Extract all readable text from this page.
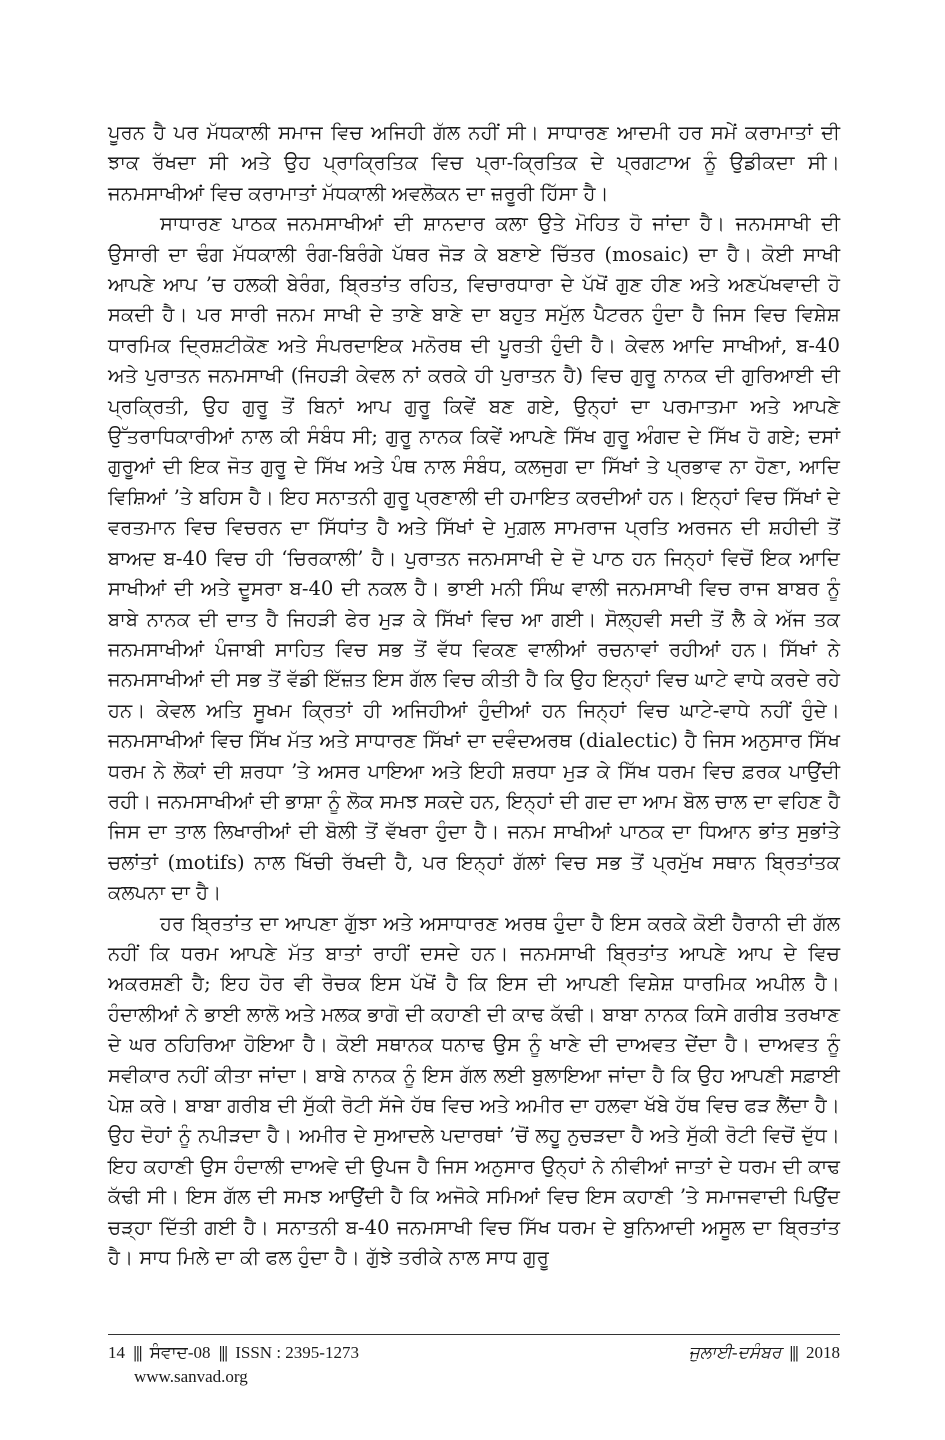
ਪੂਰਨ ਹੈ ਪਰ ਮੱਧਕਾਲੀ ਸਮਾਜ ਵਿਚ ਅਜਿਹੀ ਗੱਲ ਨਹੀਂ ਸੀ। ਸਾਧਾਰਣ ਆਦਮੀ ਹਰ ਸਮੇਂ ਕਰਾਮਾਤਾਂ ਦੀ ਝਾਕ ਰੱਖਦਾ ਸੀ ਅਤੇ ਉਹ ਪ੍ਰਾਕ੍ਰਿਤਿਕ ਵਿਚ ਪ੍ਰਾ-ਕ੍ਰਿਤਿਕ ਦੇ ਪ੍ਰਗਟਾਅ ਨੂੰ ਉਡੀਕਦਾ ਸੀ। ਜਨਮਸਾਖੀਆਂ ਵਿਚ ਕਰਾਮਾਤਾਂ ਮੱਧਕਾਲੀ ਅਵਲੋਕਨ ਦਾ ਜ਼ਰੂਰੀ ਹਿੱਸਾ ਹੈ।

ਸਾਧਾਰਣ ਪਾਠਕ ਜਨਮਸਾਖੀਆਂ ਦੀ ਸ਼ਾਨਦਾਰ ਕਲਾ ਉਤੇ ਮੋਹਿਤ ਹੋ ਜਾਂਦਾ ਹੈ। ਜਨਮਸਾਖੀ ਦੀ ਉਸਾਰੀ ਦਾ ਢੰਗ ਮੱਧਕਾਲੀ ਰੰਗ-ਬਿਰੰਗੇ ਪੱਥਰ ਜੋੜ ਕੇ ਬਣਾਏ ਚਿੱਤਰ (mosaic) ਦਾ ਹੈ। ਕੋਈ ਸਾਖੀ ਆਪਣੇ ਆਪ ’ਚ ਹਲਕੀ ਬੇਰੰਗ, ਬ੍ਰਿਤਾਂਤ ਰਹਿਤ, ਵਿਚਾਰਧਾਰਾ ਦੇ ਪੱਖੋਂ ਗੁਣ ਹੀਣ ਅਤੇ ਅਣਪੱਖਵਾਦੀ ਹੋ ਸਕਦੀ ਹੈ। ਪਰ ਸਾਰੀ ਜਨਮ ਸਾਖੀ ਦੇ ਤਾਣੇ ਬਾਣੇ ਦਾ ਬਹੁਤ ਸਮੁੱਲ ਪੈਟਰਨ ਹੁੰਦਾ ਹੈ ਜਿਸ ਵਿਚ ਵਿਸ਼ੇਸ਼ ਧਾਰਮਿਕ ਦ੍ਰਿਸ਼ਟੀਕੋਣ ਅਤੇ ਸੰਪਰਦਾਇਕ ਮਨੋਰਥ ਦੀ ਪੂਰਤੀ ਹੁੰਦੀ ਹੈ। ਕੇਵਲ ਆਦਿ ਸਾਖੀਆਂ, ਬ-40 ਅਤੇ ਪੁਰਾਤਨ ਜਨਮਸਾਖੀ (ਜਿਹੜੀ ਕੇਵਲ ਨਾਂ ਕਰਕੇ ਹੀ ਪੁਰਾਤਨ ਹੈ) ਵਿਚ ਗੁਰੂ ਨਾਨਕ ਦੀ ਗੁਰਿਆਈ ਦੀ ਪ੍ਰਕ੍ਰਿਤੀ, ਉਹ ਗੁਰੂ ਤੋਂ ਬਿਨਾਂ ਆਪ ਗੁਰੂ ਕਿਵੇਂ ਬਣ ਗਏ, ਉਨ੍ਹਾਂ ਦਾ ਪਰਮਾਤਮਾ ਅਤੇ ਆਪਣੇ ਉੱਤਰਾਧਿਕਾਰੀਆਂ ਨਾਲ ਕੀ ਸੰਬੰਧ ਸੀ; ਗੁਰੂ ਨਾਨਕ ਕਿਵੇਂ ਆਪਣੇ ਸਿੱਖ ਗੁਰੂ ਅੰਗਦ ਦੇ ਸਿੱਖ ਹੋ ਗਏ; ਦਸਾਂ ਗੁਰੂਆਂ ਦੀ ਇਕ ਜੋਤ ਗੁਰੂ ਦੇ ਸਿੱਖ ਅਤੇ ਪੰਥ ਨਾਲ ਸੰਬੰਧ, ਕਲਜੁਗ ਦਾ ਸਿੱਖਾਂ ਤੇ ਪ੍ਰਭਾਵ ਨਾ ਹੋਣਾ, ਆਦਿ ਵਿਸ਼ਿਆਂ ’ਤੇ ਬਹਿਸ ਹੈ। ਇਹ ਸਨਾਤਨੀ ਗੁਰੂ ਪ੍ਰਣਾਲੀ ਦੀ ਹਮਾਇਤ ਕਰਦੀਆਂ ਹਨ। ਇਨ੍ਹਾਂ ਵਿਚ ਸਿੱਖਾਂ ਦੇ ਵਰਤਮਾਨ ਵਿਚ ਵਿਚਰਨ ਦਾ ਸਿੱਧਾਂਤ ਹੈ ਅਤੇ ਸਿੱਖਾਂ ਦੇ ਮੁਗ਼ਲ ਸਾਮਰਾਜ ਪ੍ਰਤਿ ਅਰਜਨ ਦੀ ਸ਼ਹੀਦੀ ਤੋਂ ਬਾਅਦ ਬ-40 ਵਿਚ ਹੀ ‘ਚਿਰਕਾਲੀ’ ਹੈ। ਪੁਰਾਤਨ ਜਨਮਸਾਖੀ ਦੇ ਦੋ ਪਾਠ ਹਨ ਜਿਨ੍ਹਾਂ ਵਿਚੋਂ ਇਕ ਆਦਿ ਸਾਖੀਆਂ ਦੀ ਅਤੇ ਦੂਸਰਾ ਬ-40 ਦੀ ਨਕਲ ਹੈ। ਭਾਈ ਮਨੀ ਸਿੰਘ ਵਾਲੀ ਜਨਮਸਾਖੀ ਵਿਚ ਰਾਜ ਬਾਬਰ ਨੂੰ ਬਾਬੇ ਨਾਨਕ ਦੀ ਦਾਤ ਹੈ ਜਿਹੜੀ ਫੇਰ ਮੁੜ ਕੇ ਸਿੱਖਾਂ ਵਿਚ ਆ ਗਈ। ਸੋਲ੍ਹਵੀ ਸਦੀ ਤੋਂ ਲੈ ਕੇ ਅੱਜ ਤਕ ਜਨਮਸਾਖੀਆਂ ਪੰਜਾਬੀ ਸਾਹਿਤ ਵਿਚ ਸਭ ਤੋਂ ਵੱਧ ਵਿਕਣ ਵਾਲੀਆਂ ਰਚਨਾਵਾਂ ਰਹੀਆਂ ਹਨ। ਸਿੱਖਾਂ ਨੇ ਜਨਮਸਾਖੀਆਂ ਦੀ ਸਭ ਤੋਂ ਵੱਡੀ ਇੱਜ਼ਤ ਇਸ ਗੱਲ ਵਿਚ ਕੀਤੀ ਹੈ ਕਿ ਉਹ ਇਨ੍ਹਾਂ ਵਿਚ ਘਾਟੇ ਵਾਧੇ ਕਰਦੇ ਰਹੇ ਹਨ। ਕੇਵਲ ਅਤਿ ਸੂਖਮ ਕ੍ਰਿਤਾਂ ਹੀ ਅਜਿਹੀਆਂ ਹੁੰਦੀਆਂ ਹਨ ਜਿਨ੍ਹਾਂ ਵਿਚ ਘਾਟੇ-ਵਾਧੇ ਨਹੀਂ ਹੁੰਦੇ। ਜਨਮਸਾਖੀਆਂ ਵਿਚ ਸਿੱਖ ਮੱਤ ਅਤੇ ਸਾਧਾਰਣ ਸਿੱਖਾਂ ਦਾ ਦਵੰਦਅਰਥ (dialectic) ਹੈ ਜਿਸ ਅਨੁਸਾਰ ਸਿੱਖ ਧਰਮ ਨੇ ਲੋਕਾਂ ਦੀ ਸ਼ਰਧਾ ’ਤੇ ਅਸਰ ਪਾਇਆ ਅਤੇ ਇਹੀ ਸ਼ਰਧਾ ਮੁੜ ਕੇ ਸਿੱਖ ਧਰਮ ਵਿਚ ਫ਼ਰਕ ਪਾਉਂਦੀ ਰਹੀ। ਜਨਮਸਾਖੀਆਂ ਦੀ ਭਾਸ਼ਾ ਨੂੰ ਲੋਕ ਸਮਝ ਸਕਦੇ ਹਨ, ਇਨ੍ਹਾਂ ਦੀ ਗਦ ਦਾ ਆਮ ਬੋਲ ਚਾਲ ਦਾ ਵਹਿਣ ਹੈ ਜਿਸ ਦਾ ਤਾਲ ਲਿਖਾਰੀਆਂ ਦੀ ਬੋਲੀ ਤੋਂ ਵੱਖਰਾ ਹੁੰਦਾ ਹੈ। ਜਨਮ ਸਾਖੀਆਂ ਪਾਠਕ ਦਾ ਧਿਆਨ ਭਾਂਤ ਸੁਭਾਂਤੇ ਚਲਾਂਤਾਂ (motifs) ਨਾਲ ਖਿੱਚੀ ਰੱਖਦੀ ਹੈ, ਪਰ ਇਨ੍ਹਾਂ ਗੱਲਾਂ ਵਿਚ ਸਭ ਤੋਂ ਪ੍ਰਮੁੱਖ ਸਥਾਨ ਬ੍ਰਿਤਾਂਤਕ ਕਲਪਨਾ ਦਾ ਹੈ।

ਹਰ ਬ੍ਰਿਤਾਂਤ ਦਾ ਆਪਣਾ ਗੁੱਝਾ ਅਤੇ ਅਸਾਧਾਰਣ ਅਰਥ ਹੁੰਦਾ ਹੈ ਇਸ ਕਰਕੇ ਕੋਈ ਹੈਰਾਨੀ ਦੀ ਗੱਲ ਨਹੀਂ ਕਿ ਧਰਮ ਆਪਣੇ ਮੱਤ ਬਾਤਾਂ ਰਾਹੀਂ ਦਸਦੇ ਹਨ। ਜਨਮਸਾਖੀ ਬ੍ਰਿਤਾਂਤ ਆਪਣੇ ਆਪ ਦੇ ਵਿਚ ਅਕਰਸ਼ਣੀ ਹੈ; ਇਹ ਹੋਰ ਵੀ ਰੋਚਕ ਇਸ ਪੱਖੋਂ ਹੈ ਕਿ ਇਸ ਦੀ ਆਪਣੀ ਵਿਸ਼ੇਸ਼ ਧਾਰਮਿਕ ਅਪੀਲ ਹੈ। ਹੰਦਾਲੀਆਂ ਨੇ ਭਾਈ ਲਾਲੋ ਅਤੇ ਮਲਕ ਭਾਗੋ ਦੀ ਕਹਾਣੀ ਦੀ ਕਾਢ ਕੱਢੀ। ਬਾਬਾ ਨਾਨਕ ਕਿਸੇ ਗਰੀਬ ਤਰਖਾਣ ਦੇ ਘਰ ਠਹਿਰਿਆ ਹੋਇਆ ਹੈ। ਕੋਈ ਸਥਾਨਕ ਧਨਾਢ ਉਸ ਨੂੰ ਖਾਣੇ ਦੀ ਦਾਅਵਤ ਦੇਂਦਾ ਹੈ। ਦਾਅਵਤ ਨੂੰ ਸਵੀਕਾਰ ਨਹੀਂ ਕੀਤਾ ਜਾਂਦਾ। ਬਾਬੇ ਨਾਨਕ ਨੂੰ ਇਸ ਗੱਲ ਲਈ ਬੁਲਾਇਆ ਜਾਂਦਾ ਹੈ ਕਿ ਉਹ ਆਪਣੀ ਸਫ਼ਾਈ ਪੇਸ਼ ਕਰੇ। ਬਾਬਾ ਗਰੀਬ ਦੀ ਸੁੱਕੀ ਰੋਟੀ ਸੱਜੇ ਹੱਥ ਵਿਚ ਅਤੇ ਅਮੀਰ ਦਾ ਹਲਵਾ ਖੱਬੇ ਹੱਥ ਵਿਚ ਫੜ ਲੈਂਦਾ ਹੈ। ਉਹ ਦੋਹਾਂ ਨੂੰ ਨਪੀੜਦਾ ਹੈ। ਅਮੀਰ ਦੇ ਸੁਆਦਲੇ ਪਦਾਰਥਾਂ ’ਚੋਂ ਲਹੂ ਨੁਚੜਦਾ ਹੈ ਅਤੇ ਸੁੱਕੀ ਰੋਟੀ ਵਿਚੋਂ ਦੁੱਧ। ਇਹ ਕਹਾਣੀ ਉਸ ਹੰਦਾਲੀ ਦਾਅਵੇ ਦੀ ਉਪਜ ਹੈ ਜਿਸ ਅਨੁਸਾਰ ਉਨ੍ਹਾਂ ਨੇ ਨੀਵੀਆਂ ਜਾਤਾਂ ਦੇ ਧਰਮ ਦੀ ਕਾਢ ਕੱਢੀ ਸੀ। ਇਸ ਗੱਲ ਦੀ ਸਮਝ ਆਉਂਦੀ ਹੈ ਕਿ ਅਜੋਕੇ ਸਮਿਆਂ ਵਿਚ ਇਸ ਕਹਾਣੀ ’ਤੇ ਸਮਾਜਵਾਦੀ ਪਿਉਂਦ ਚੜ੍ਹਾ ਦਿੱਤੀ ਗਈ ਹੈ। ਸਨਾਤਨੀ ਬ-40 ਜਨਮਸਾਖੀ ਵਿਚ ਸਿੱਖ ਧਰਮ ਦੇ ਬੁਨਿਆਦੀ ਅਸੂਲ ਦਾ ਬ੍ਰਿਤਾਂਤ ਹੈ। ਸਾਧ ਮਿਲੇ ਦਾ ਕੀ ਫਲ ਹੁੰਦਾ ਹੈ। ਗੁੱਝੇ ਤਰੀਕੇ ਨਾਲ ਸਾਧ ਗੁਰੂ

14 ||| ਸੰਵਾਦ-08 ||| ISSN : 2395-1273
www.sanvad.org
ਜੁਲਾਈ-ਦਸੰਬਰ ||| 2018
